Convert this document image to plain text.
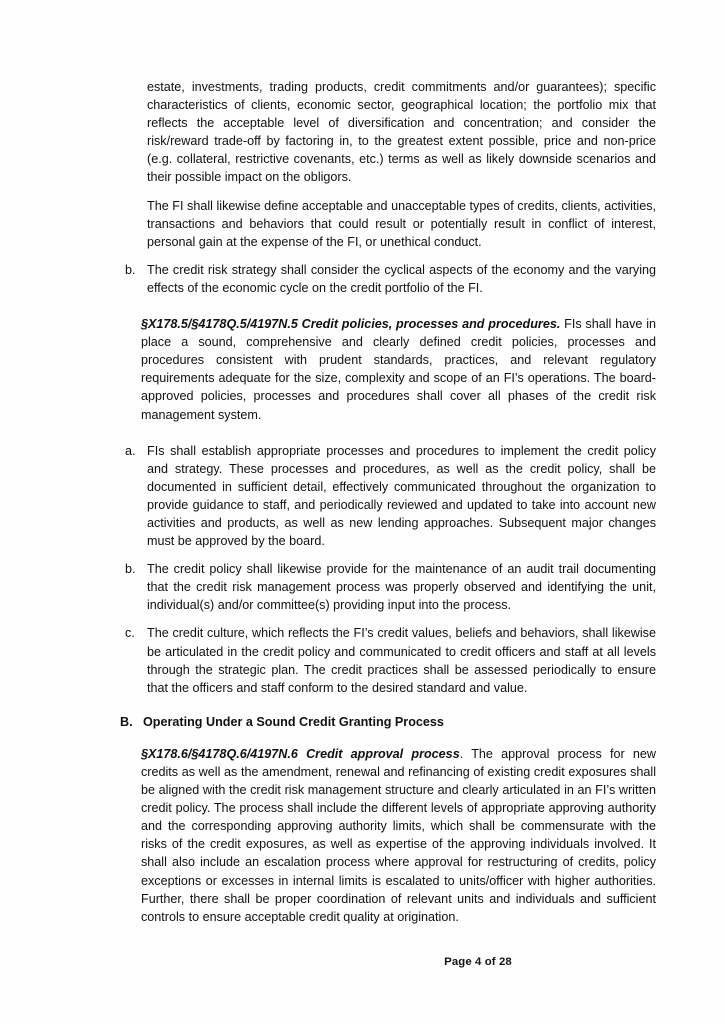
estate, investments, trading products, credit commitments and/or guarantees); specific characteristics of clients, economic sector, geographical location; the portfolio mix that reflects the acceptable level of diversification and concentration; and consider the risk/reward trade-off by factoring in, to the greatest extent possible, price and non-price (e.g. collateral, restrictive covenants, etc.) terms as well as likely downside scenarios and their possible impact on the obligors.

The FI shall likewise define acceptable and unacceptable types of credits, clients, activities, transactions and behaviors that could result or potentially result in conflict of interest, personal gain at the expense of the FI, or unethical conduct.

b. The credit risk strategy shall consider the cyclical aspects of the economy and the varying effects of the economic cycle on the credit portfolio of the FI.
§X178.5/§4178Q.5/4197N.5 Credit policies, processes and procedures. FIs shall have in place a sound, comprehensive and clearly defined credit policies, processes and procedures consistent with prudent standards, practices, and relevant regulatory requirements adequate for the size, complexity and scope of an FI’s operations. The board-approved policies, processes and procedures shall cover all phases of the credit risk management system.
a. FIs shall establish appropriate processes and procedures to implement the credit policy and strategy. These processes and procedures, as well as the credit policy, shall be documented in sufficient detail, effectively communicated throughout the organization to provide guidance to staff, and periodically reviewed and updated to take into account new activities and products, as well as new lending approaches. Subsequent major changes must be approved by the board.
b. The credit policy shall likewise provide for the maintenance of an audit trail documenting that the credit risk management process was properly observed and identifying the unit, individual(s) and/or committee(s) providing input into the process.
c. The credit culture, which reflects the FI’s credit values, beliefs and behaviors, shall likewise be articulated in the credit policy and communicated to credit officers and staff at all levels through the strategic plan. The credit practices shall be assessed periodically to ensure that the officers and staff conform to the desired standard and value.
B. Operating Under a Sound Credit Granting Process
§X178.6/§4178Q.6/4197N.6 Credit approval process. The approval process for new credits as well as the amendment, renewal and refinancing of existing credit exposures shall be aligned with the credit risk management structure and clearly articulated in an FI’s written credit policy. The process shall include the different levels of appropriate approving authority and the corresponding approving authority limits, which shall be commensurate with the risks of the credit exposures, as well as expertise of the approving individuals involved. It shall also include an escalation process where approval for restructuring of credits, policy exceptions or excesses in internal limits is escalated to units/officer with higher authorities. Further, there shall be proper coordination of relevant units and individuals and sufficient controls to ensure acceptable credit quality at origination.
Page 4 of 28
